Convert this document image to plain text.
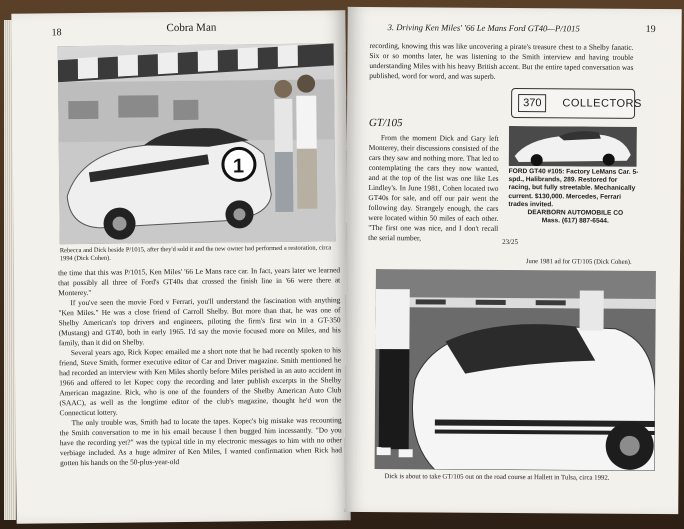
18	Cobra Man
1
Rebecca and Dick beside P/1015, after they'd sold it and the new owner had performed a restoration, circa 1994 (Dick Cohen).

the time that this was P/1015, Ken Miles' '66 Le Mans race car. In fact, years later we learned that possibly all three of Ford's GT40s that crossed the finish line in '66 were there at Monterey."

If you've seen the movie Ford v Ferrari, you'll understand the fascination with anything "Ken Miles." He was a close friend of Carroll Shelby. But more than that, he was one of Shelby American's top drivers and engineers, piloting the firm's first win in a GT-350 (Mustang) and GT40, both in early 1965. I'd say the movie focused more on Miles, and his family, than it did on Shelby.

Several years ago, Rick Kopec emailed me a short note that he had recently spoken to his friend, Steve Smith, former executive editor of Car and Driver magazine. Smith mentioned he had recorded an interview with Ken Miles shortly before Miles perished in an auto accident in 1966 and offered to let Kopec copy the recording and later publish excerpts in the Shelby American magazine. Rick, who is one of the founders of the Shelby American Auto Club (SAAC), as well as the longtime editor of the club's magazine, thought he'd won the Connecticut lottery.

The only trouble was, Smith had to locate the tapes. Kopec's big mistake was recounting the Smith conversation to me in his email because I then bugged him incessantly. "Do you have the recording yet?" was the typical title in my electronic messages to him with no other verbiage included. As a huge admirer of Ken Miles, I wanted confirmation when Rick had gotten his hands on the 50-plus-year-old

3. Driving Ken Miles' '66 Le Mans Ford GT40—P/1015	19

recording, knowing this was like uncovering a pirate's treasure chest to a Shelby fanatic. Six or so months later, he was listening to the Smith interview and having trouble understanding Miles with his heavy British accent. But the entire taped conversation was published, word for word, and was superb.

GT/105

From the moment Dick and Gary left Monterey, their discussions consisted of the cars they saw and nothing more. That led to contemplating the cars they now wanted, and at the top of the list was one like Les Lindley's. In June 1981, Cohen located two GT40s for sale, and off our pair went the following day. Strangely enough, the cars were located within 50 miles of each other. "The first one was nice, and I don't recall the serial number,

370	COLLECTORS
FORD GT40 #105: Factory LeMans Car. 5-
spd., Halibrands, 289. Restored for
racing, but fully streetable. Mechanically
current. $130,000. Mercedes, Ferrari
trades invited.
DEARBORN AUTOMOBILE CO
Mass. (617) 887-6544.
23/25
June 1981 ad for GT/105 (Dick Cohen).
Dick is about to take GT/105 out on the road course at Hallett in Tulsa, circa 1992.
